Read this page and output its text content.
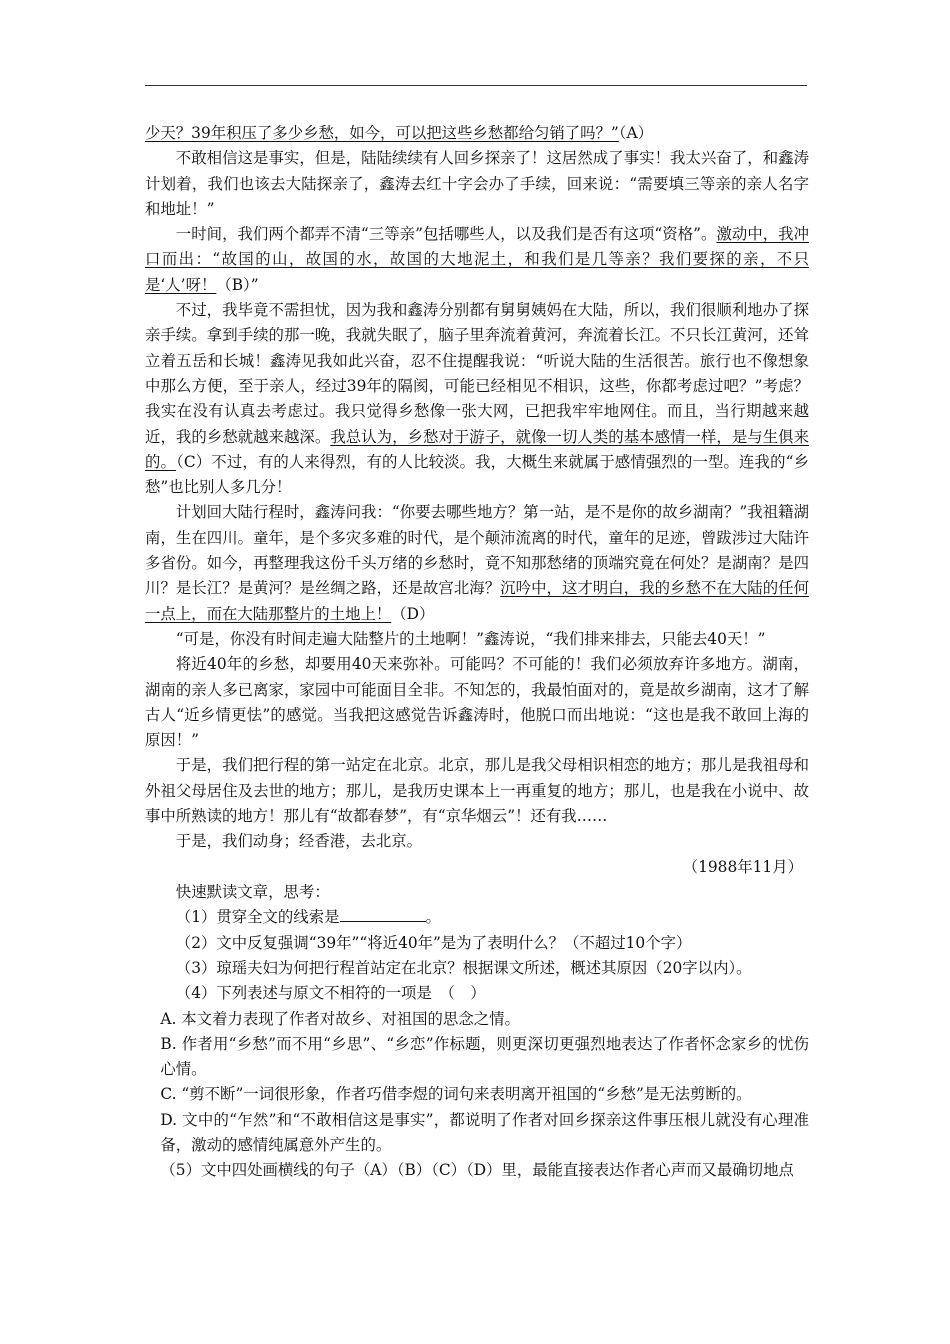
少天？39年积压了多少乡愁，如今，可以把这些乡愁都给匀销了吗？”（A）

不敢相信这是事实，但是，陆陆续续有人回乡探亲了！这居然成了事实！我太兴奋了，和鑫涛计划着，我们也该去大陆探亲了，鑫涛去红十字会办了手续，回来说：“需要填三等亲的亲人名字和地址！”

一时间，我们两个都弄不清“三等亲”包括哪些人，以及我们是否有这项“资格”。激动中，我冲口而出：“故国的山，故国的水，故国的大地泥土，和我们是几等亲？我们要探的亲，不只是‘人’呀！（B）”

不过，我毕竟不需担忧，因为我和鑫涛分别都有舅舅姨妈在大陆，所以，我们很顺利地办了探亲手续。拿到手续的那一晚，我就失眠了，脑子里奔流着黄河，奔流着长江。不只长江黄河，还耸立着五岳和长城！鑫涛见我如此兴奋，忍不住提醒我说：“听说大陆的生活很苦。旅行也不像想象中那么方便，至于亲人，经过39年的隔阂，可能已经相见不相识，这些，你都考虑过吧？”考虑？我实在没有认真去考虑过。我只觉得乡愁像一张大网，已把我牢牢地网住。而且，当行期越来越近，我的乡愁就越来越深。我总认为，乡愁对于游子，就像一切人类的基本感情一样，是与生俱来的。（C）不过，有的人来得烈，有的人比较淡。我，大概生来就属于感情强烈的一型。连我的“乡愁”也比别人多几分！

计划回大陆行程时，鑫涛问我：“你要去哪些地方？第一站，是不是你的故乡湖南？”我祖籍湖南，生在四川。童年，是个多灾多难的时代，是个颠沛流离的时代，童年的足迹，曾跋涉过大陆许多省份。如今，再整理我这份千头万绪的乡愁时，竟不知那愁绪的顶端究竟在何处？是湖南？是四川？是长江？是黄河？是丝绸之路，还是故宫北海？沉吟中，这才明白，我的乡愁不在大陆的任何一点上，而在大陆那整片的土地上！（D）

“可是，你没有时间走遍大陆整片的土地啊！”鑫涛说，“我们排来排去，只能去40天！”

将近40年的乡愁，却要用40天来弥补。可能吗？不可能的！我们必须放弃许多地方。湖南，湖南的亲人多已离家，家园中可能面目全非。不知怎的，我最怕面对的，竟是故乡湖南，这才了解古人“近乡情更怯”的感觉。当我把这感觉告诉鑫涛时，他脱口而出地说：“这也是我不敢回上海的原因！”

于是，我们把行程的第一站定在北京。北京，那儿是我父母相识相恋的地方；那儿是我祖母和外祖父母居住及去世的地方；那儿，是我历史课本上一再重复的地方；那儿，也是我在小说中、故事中所熟读的地方！那儿有“故都春梦”，有“京华烟云”！还有我……

于是，我们动身；经香港，去北京。

（1988年11月）

快速默读文章，思考：

（1）贯穿全文的线索是	。

（2）文中反复强调“39年”“将近40年”是为了表明什么？（不超过10个字）

（3）琼瑶夫妇为何把行程首站定在北京？根据课文所述，概述其原因（20字以内）。

（4）下列表述与原文不相符的一项是　（　）

A. 本文着力表现了作者对故乡、对祖国的思念之情。

B. 作者用“乡愁”而不用“乡思”、“乡恋”作标题，则更深切更强烈地表达了作者怀念家乡的忧伤心情。

C. “剪不断”一词很形象，作者巧借李煜的词句来表明离开祖国的“乡愁”是无法剪断的。

D. 文中的“乍然”和“不敢相信这是事实”，都说明了作者对回乡探亲这件事压根儿就没有心理准备，激动的感情纯属意外产生的。

（5）文中四处画横线的句子（A）（B）（C）（D）里，最能直接表达作者心声而又最确切地点
